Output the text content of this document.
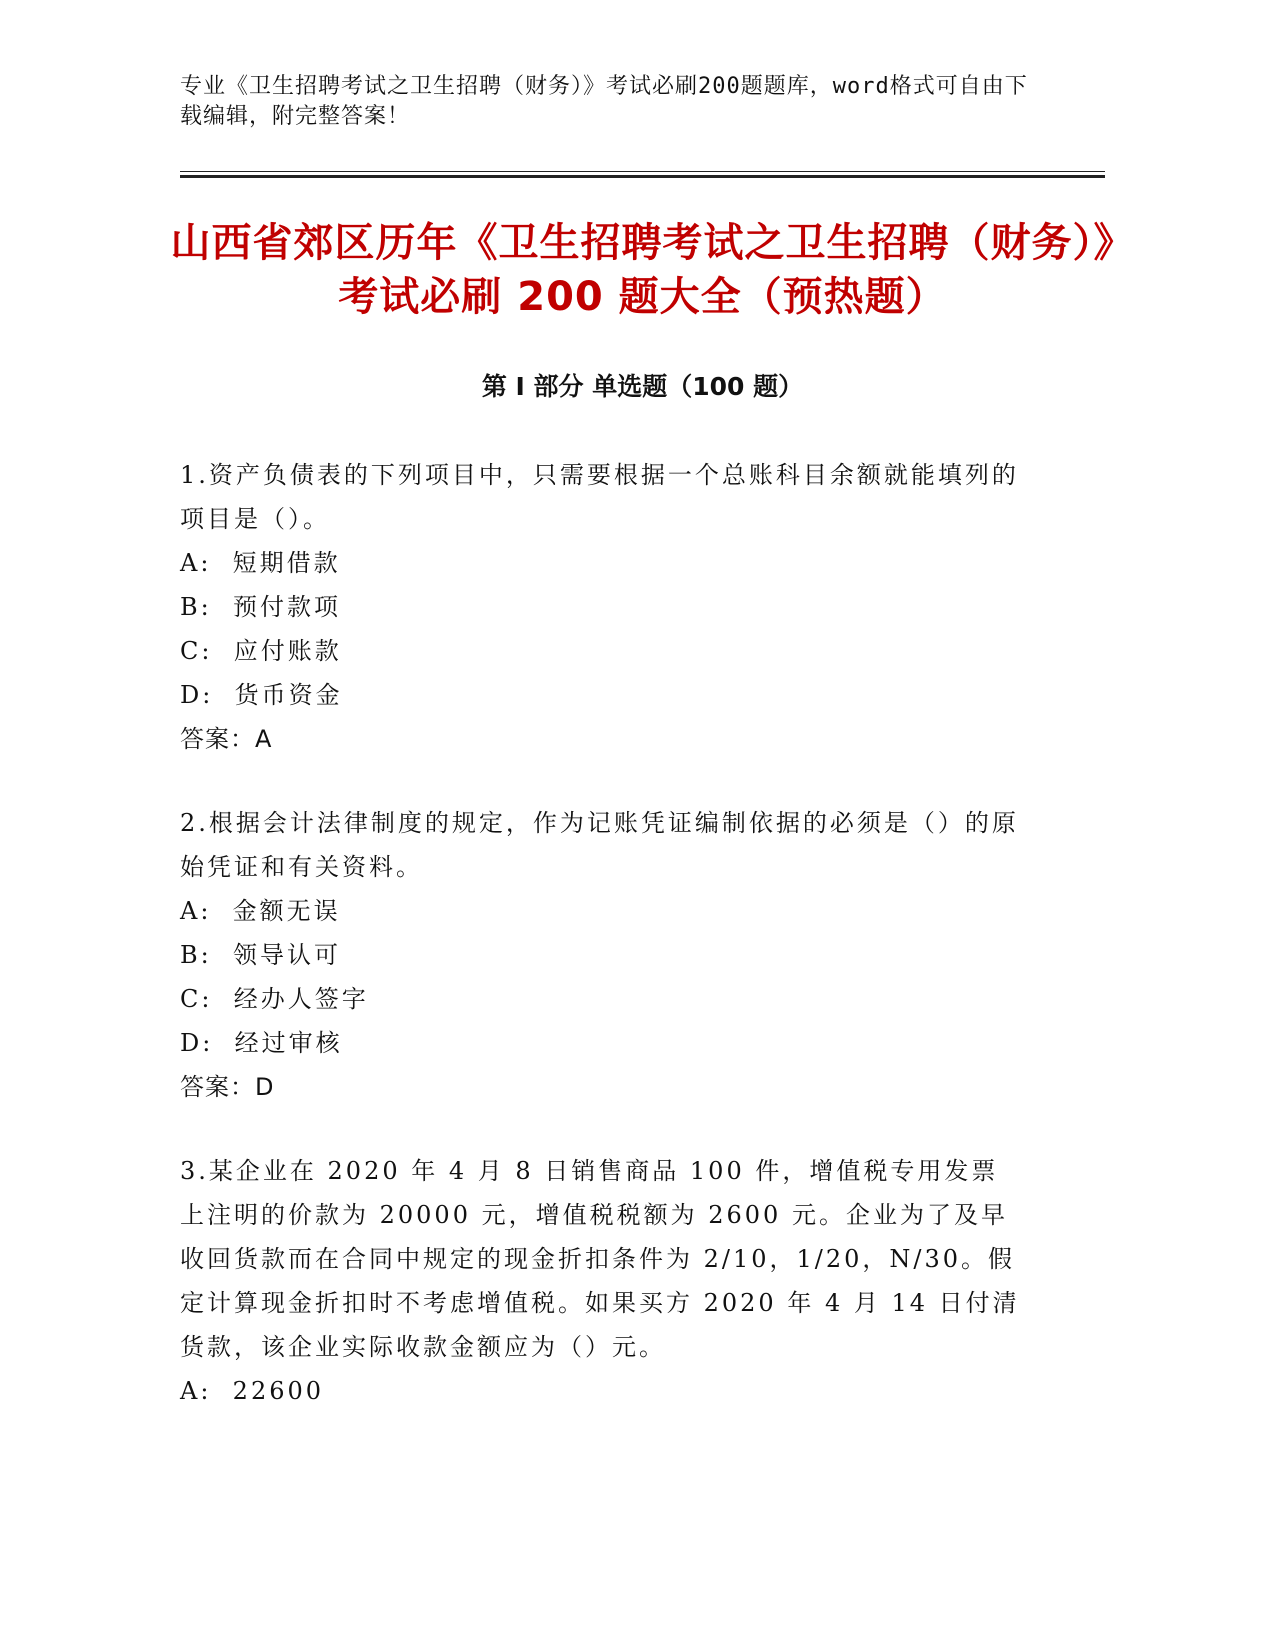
专业《卫生招聘考试之卫生招聘（财务）》考试必刷200题题库，word格式可自由下载编辑，附完整答案！
山西省郊区历年《卫生招聘考试之卫生招聘（财务）》考试必刷 200 题大全（预热题）
第 I 部分 单选题（100 题）
1.资产负债表的下列项目中，只需要根据一个总账科目余额就能填列的项目是（）。
A:  短期借款
B:  预付款项
C:  应付账款
D:  货币资金
答案：A
2.根据会计法律制度的规定，作为记账凭证编制依据的必须是（）的原始凭证和有关资料。
A:  金额无误
B:  领导认可
C:  经办人签字
D:  经过审核
答案：D
3.某企业在 2020 年 4 月 8 日销售商品 100 件，增值税专用发票上注明的价款为 20000 元，增值税税额为 2600 元。企业为了及早收回货款而在合同中规定的现金折扣条件为 2/10，1/20，N/30。假定计算现金折扣时不考虑增值税。如果买方 2020 年 4 月 14 日付清货款，该企业实际收款金额应为（）元。
A:  22600
